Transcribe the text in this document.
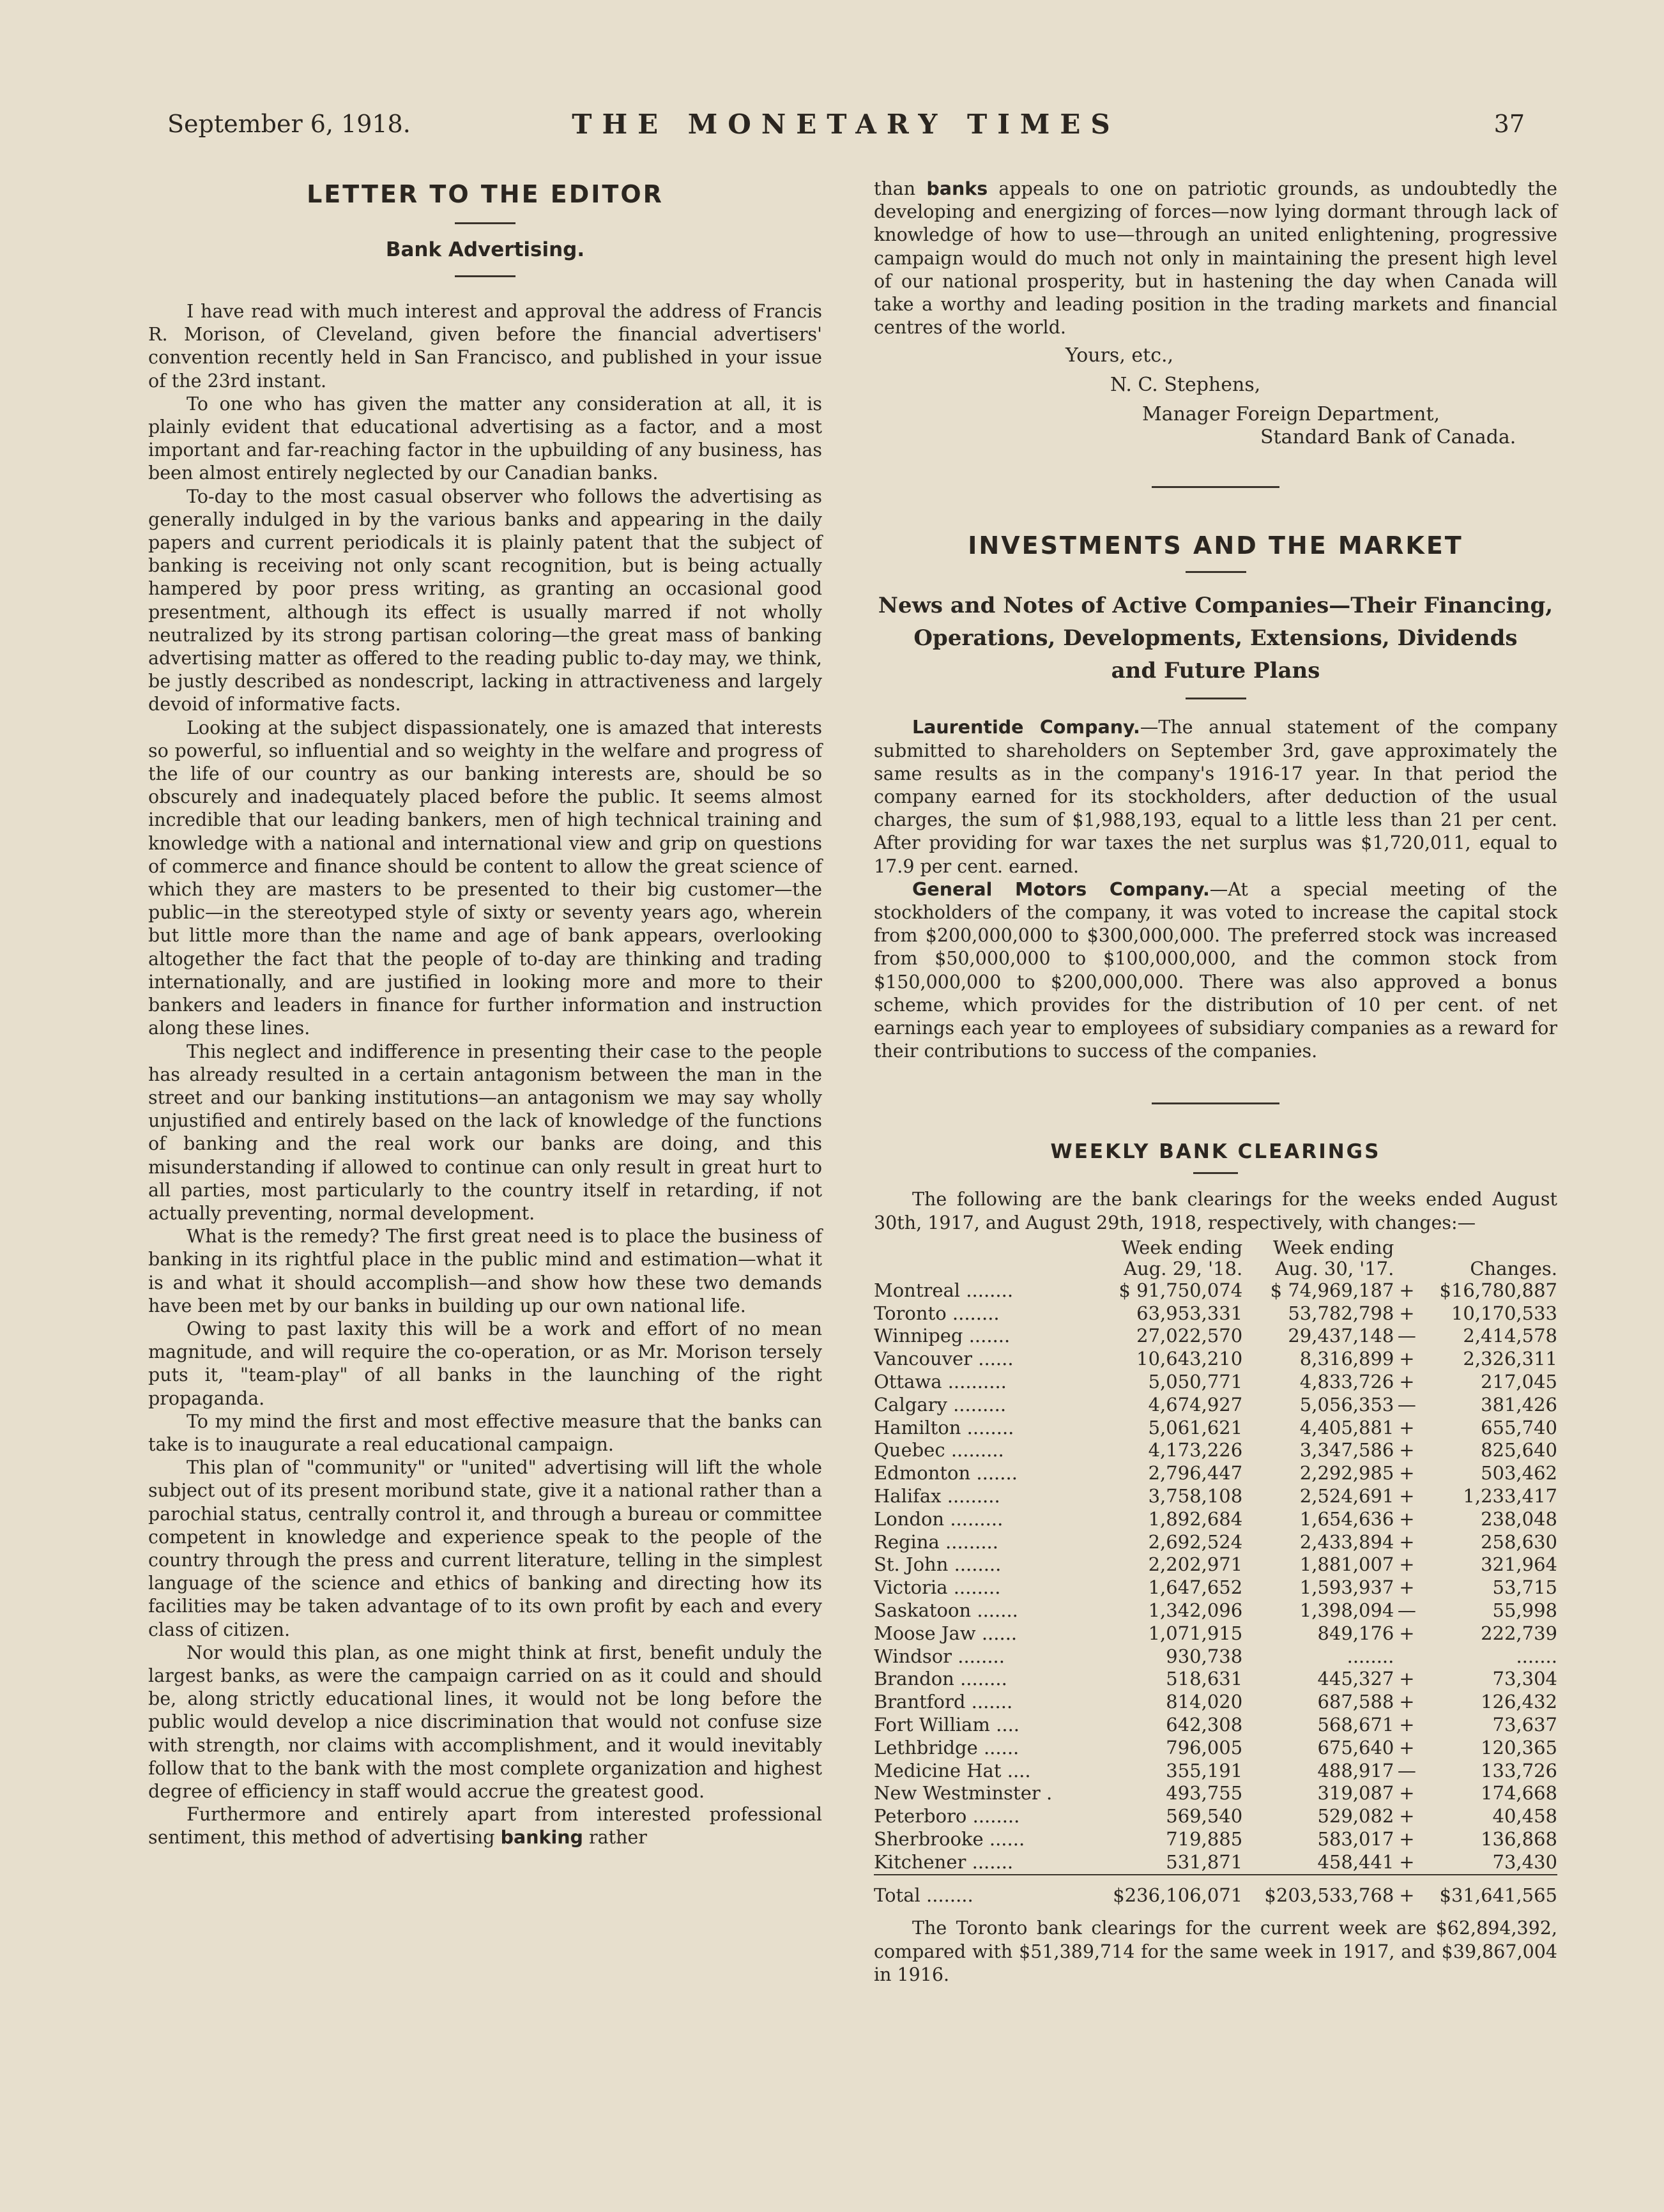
September 6, 1918.	THE MONETARY TIMES	37
LETTER TO THE EDITOR
Bank Advertising.

I have read with much interest and approval the address of Francis R. Morison, of Cleveland, given before the financial advertisers' convention recently held in San Francisco, and published in your issue of the 23rd instant.

To one who has given the matter any consideration at all, it is plainly evident that educational advertising as a factor, and a most important and far-reaching factor in the upbuilding of any business, has been almost entirely neglected by our Canadian banks.

To-day to the most casual observer who follows the advertising as generally indulged in by the various banks and appearing in the daily papers and current periodicals it is plainly patent that the subject of banking is receiving not only scant recognition, but is being actually hampered by poor press writing, as granting an occasional good presentment, although its effect is usually marred if not wholly neutralized by its strong partisan coloring—the great mass of banking advertising matter as offered to the reading public to-day may, we think, be justly described as nondescript, lacking in attractiveness and largely devoid of informative facts.

Looking at the subject dispassionately, one is amazed that interests so powerful, so influential and so weighty in the welfare and progress of the life of our country as our banking interests are, should be so obscurely and inadequately placed before the public. It seems almost incredible that our leading bankers, men of high technical training and knowledge with a national and international view and grip on questions of commerce and finance should be content to allow the great science of which they are masters to be presented to their big customer—the public—in the stereotyped style of sixty or seventy years ago, wherein but little more than the name and age of bank appears, overlooking altogether the fact that the people of to-day are thinking and trading internationally, and are justified in looking more and more to their bankers and leaders in finance for further information and instruction along these lines.

This neglect and indifference in presenting their case to the people has already resulted in a certain antagonism between the man in the street and our banking institutions—an antagonism we may say wholly unjustified and entirely based on the lack of knowledge of the functions of banking and the real work our banks are doing, and this misunderstanding if allowed to continue can only result in great hurt to all parties, most particularly to the country itself in retarding, if not actually preventing, normal development.

What is the remedy? The first great need is to place the business of banking in its rightful place in the public mind and estimation—what it is and what it should accomplish—and show how these two demands have been met by our banks in building up our own national life.

Owing to past laxity this will be a work and effort of no mean magnitude, and will require the co-operation, or as Mr. Morison tersely puts it, "team-play" of all banks in the launching of the right propaganda.

To my mind the first and most effective measure that the banks can take is to inaugurate a real educational campaign.

This plan of "community" or "united" advertising will lift the whole subject out of its present moribund state, give it a national rather than a parochial status, centrally control it, and through a bureau or committee competent in knowledge and experience speak to the people of the country through the press and current literature, telling in the simplest language of the science and ethics of banking and directing how its facilities may be taken advantage of to its own profit by each and every class of citizen.

Nor would this plan, as one might think at first, benefit unduly the largest banks, as were the campaign carried on as it could and should be, along strictly educational lines, it would not be long before the public would develop a nice discrimination that would not confuse size with strength, nor claims with accomplishment, and it would inevitably follow that to the bank with the most complete organization and highest degree of efficiency in staff would accrue the greatest good.

Furthermore and entirely apart from interested professional sentiment, this method of advertising banking rather

than banks appeals to one on patriotic grounds, as undoubtedly the developing and energizing of forces—now lying dormant through lack of knowledge of how to use—through an united enlightening, progressive campaign would do much not only in maintaining the present high level of our national prosperity, but in hastening the day when Canada will take a worthy and leading position in the trading markets and financial centres of the world.

Yours, etc.,
N. C. Stephens,
Manager Foreign Department,
Standard Bank of Canada.
INVESTMENTS AND THE MARKET

News and Notes of Active Companies—Their Financing,

Operations, Developments, Extensions, Dividends

and Future Plans

Laurentide Company.—The annual statement of the company submitted to shareholders on September 3rd, gave approximately the same results as in the company's 1916-17 year. In that period the company earned for its stockholders, after deduction of the usual charges, the sum of $1,988,193, equal to a little less than 21 per cent. After providing for war taxes the net surplus was $1,720,011, equal to 17.9 per cent. earned.

General Motors Company.—At a special meeting of the stockholders of the company, it was voted to increase the capital stock from $200,000,000 to $300,000,000. The preferred stock was increased from $50,000,000 to $100,000,000, and the common stock from $150,000,000 to $200,000,000. There was also approved a bonus scheme, which provides for the distribution of 10 per cent. of net earnings each year to employees of subsidiary companies as a reward for their contributions to success of the companies.

WEEKLY BANK CLEARINGS

The following are the bank clearings for the weeks ended August 30th, 1917, and August 29th, 1918, respectively, with changes:—

	Week ending	Week ending		
	Aug. 29, '18.	Aug. 30, '17.		Changes.
Montreal ........	$ 91,750,074	$ 74,969,187	+	$16,780,887
Toronto ........	63,953,331	53,782,798	+	10,170,533
Winnipeg .......	27,022,570	29,437,148	—	2,414,578
Vancouver ......	10,643,210	8,316,899	+	2,326,311
Ottawa ..........	5,050,771	4,833,726	+	217,045
Calgary .........	4,674,927	5,056,353	—	381,426
Hamilton ........	5,061,621	4,405,881	+	655,740
Quebec .........	4,173,226	3,347,586	+	825,640
Edmonton .......	2,796,447	2,292,985	+	503,462
Halifax .........	3,758,108	2,524,691	+	1,233,417
London .........	1,892,684	1,654,636	+	238,048
Regina .........	2,692,524	2,433,894	+	258,630
St. John ........	2,202,971	1,881,007	+	321,964
Victoria ........	1,647,652	1,593,937	+	53,715
Saskatoon .......	1,342,096	1,398,094	—	55,998
Moose Jaw ......	1,071,915	849,176	+	222,739
Windsor ........	930,738	........		.......
Brandon ........	518,631	445,327	+	73,304
Brantford .......	814,020	687,588	+	126,432
Fort William ....	642,308	568,671	+	73,637
Lethbridge ......	796,005	675,640	+	120,365
Medicine Hat ....	355,191	488,917	—	133,726
New Westminster .	493,755	319,087	+	174,668
Peterboro ........	569,540	529,082	+	40,458
Sherbrooke ......	719,885	583,017	+	136,868
Kitchener .......	531,871	458,441	+	73,430
Total ........	$236,106,071	$203,533,768	+	$31,641,565

The Toronto bank clearings for the current week are $62,894,392, compared with $51,389,714 for the same week in 1917, and $39,867,004 in 1916.
